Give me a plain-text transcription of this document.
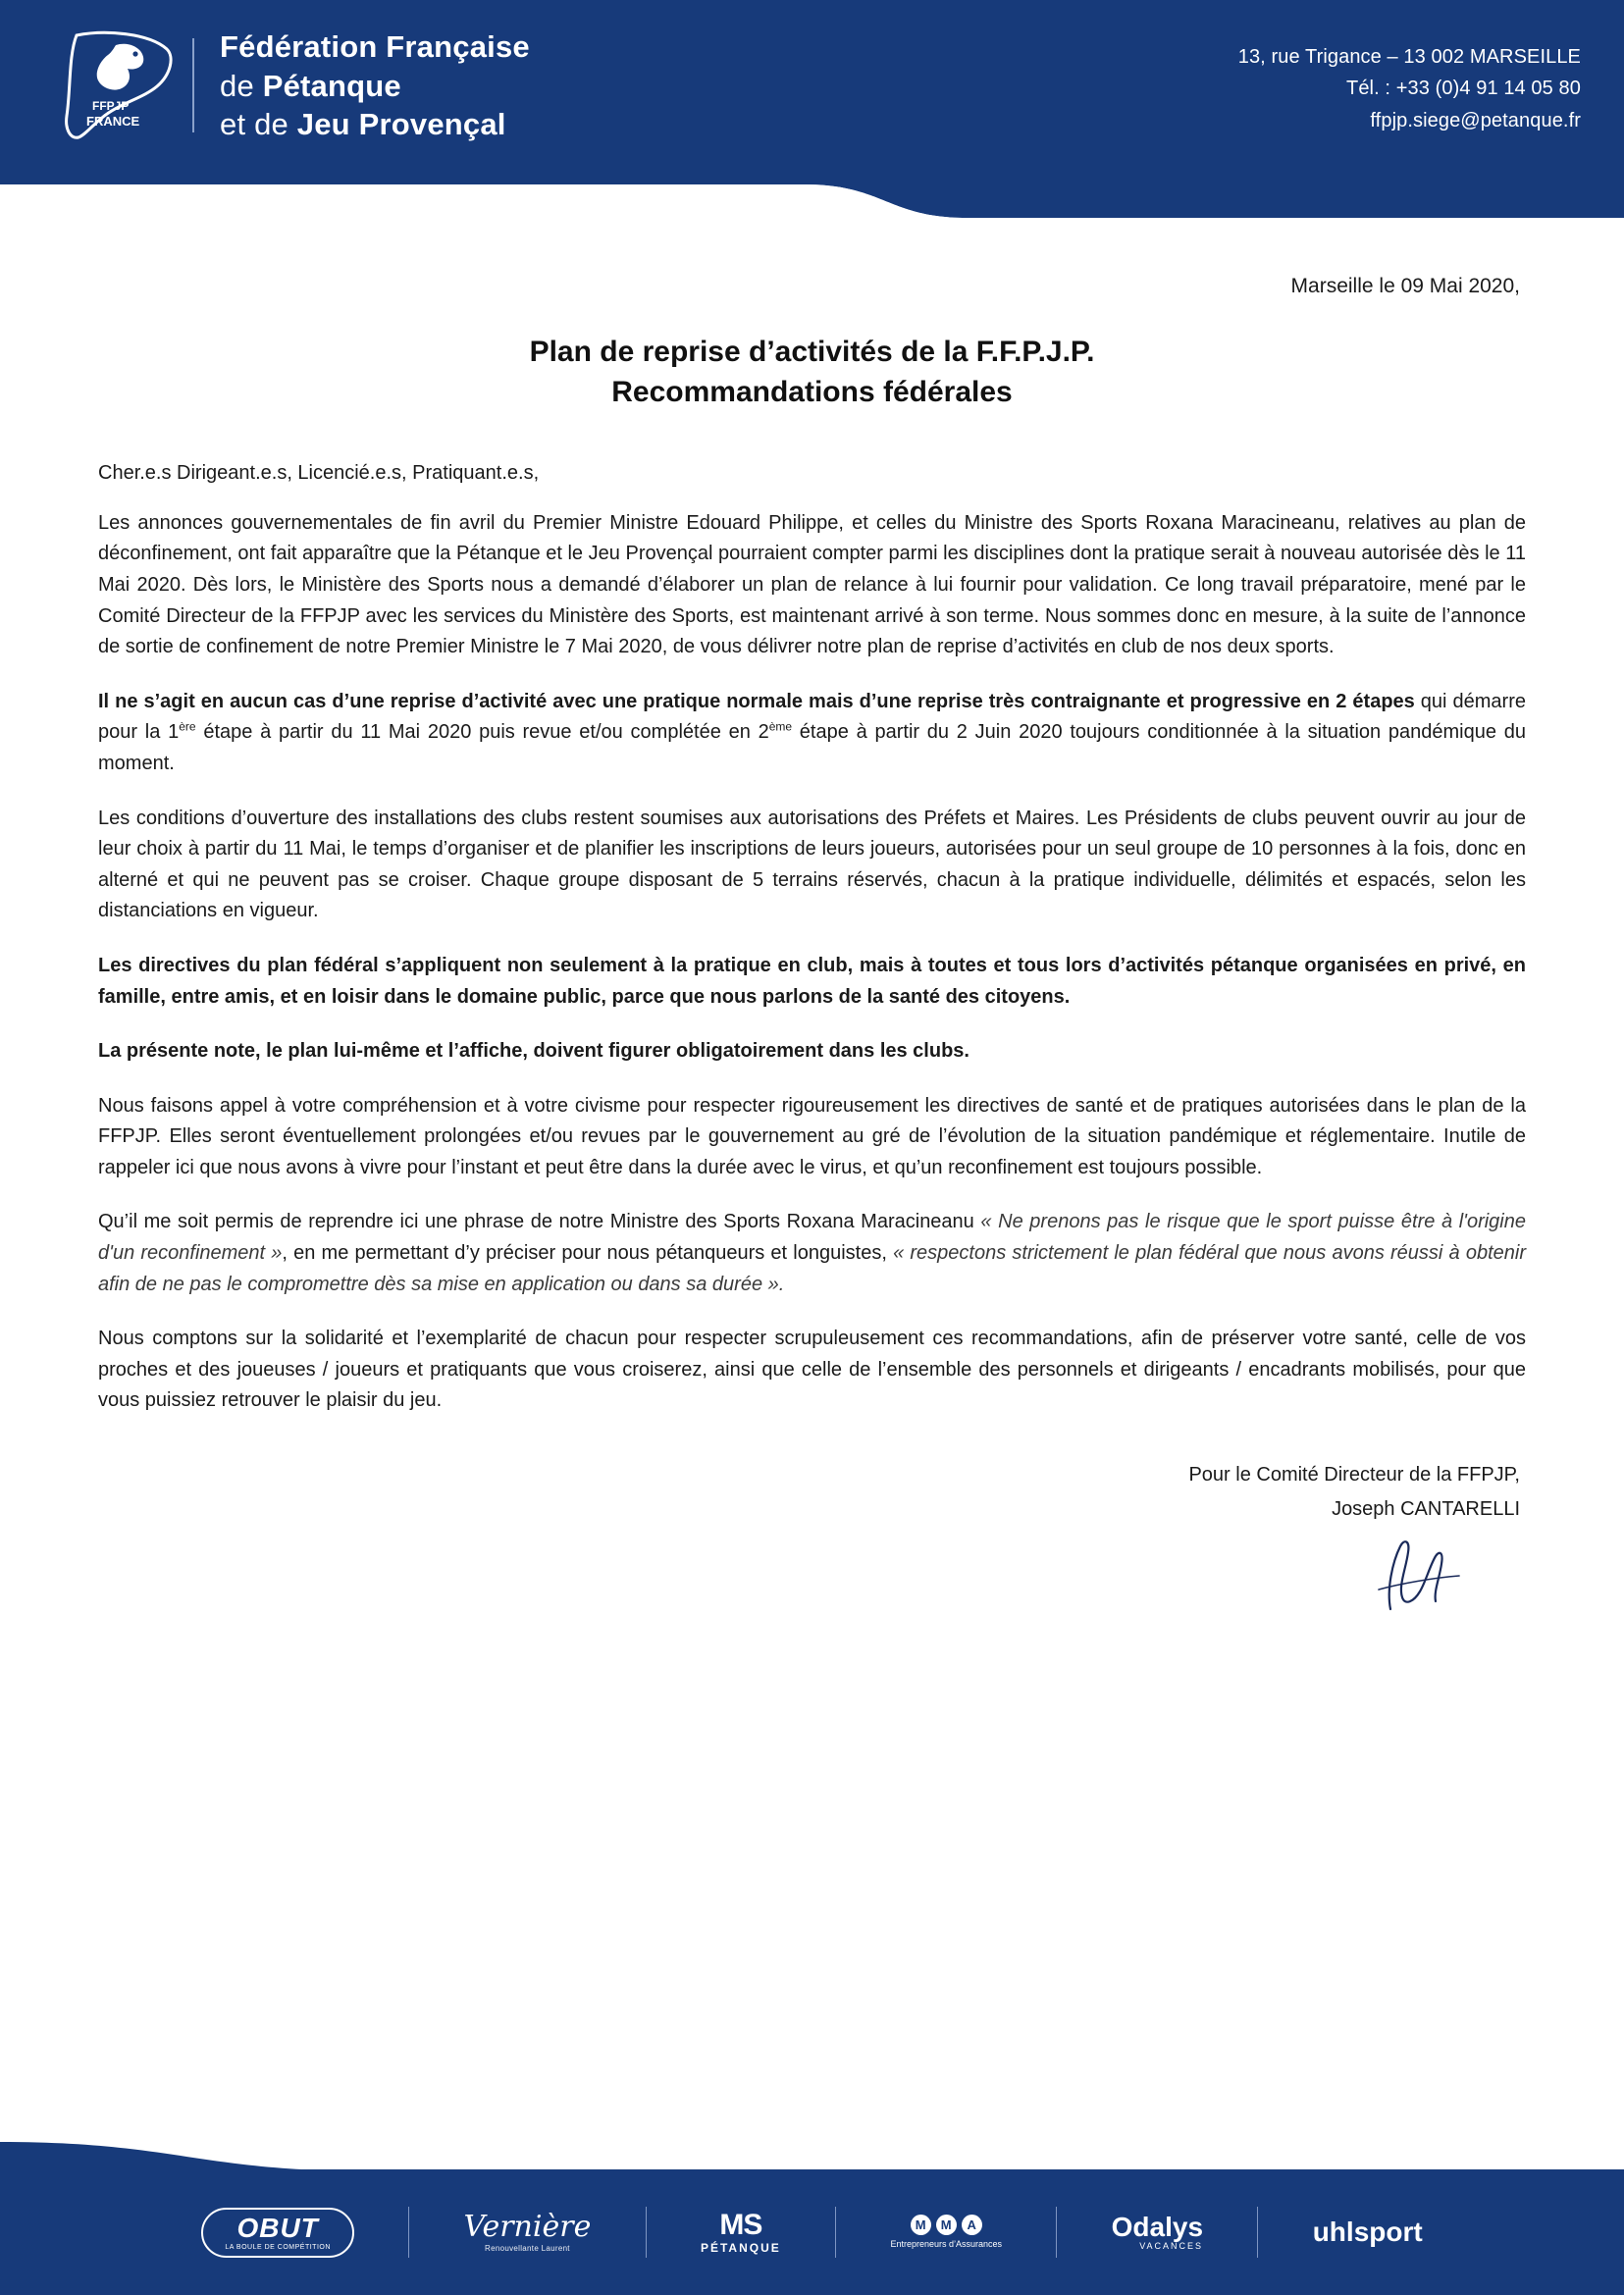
FFPJP
FRANCE
Fédération Française
de Pétanque
et de Jeu Provençal
13, rue Trigance – 13 002 MARSEILLE
Tél. : +33 (0)4 91 14 05 80
ffpjp.siege@petanque.fr
Marseille le 09 Mai 2020,
Plan de reprise d’activités de la F.F.P.J.P.
Recommandations fédérales
Cher.e.s Dirigeant.e.s, Licencié.e.s, Pratiquant.e.s,

Les annonces gouvernementales de fin avril du Premier Ministre Edouard Philippe, et celles du Ministre des Sports Roxana Maracineanu, relatives au plan de déconfinement, ont fait apparaître que la Pétanque et le Jeu Provençal pourraient compter parmi les disciplines dont la pratique serait à nouveau autorisée dès le 11 Mai 2020. Dès lors, le Ministère des Sports nous a demandé d’élaborer un plan de relance à lui fournir pour validation. Ce long travail préparatoire, mené par le Comité Directeur de la FFPJP avec les services du Ministère des Sports, est maintenant arrivé à son terme. Nous sommes donc en mesure, à la suite de l’annonce de sortie de confinement de notre Premier Ministre le 7 Mai 2020, de vous délivrer notre plan de reprise d’activités en club de nos deux sports.

Il ne s’agit en aucun cas d’une reprise d’activité avec une pratique normale mais d’une reprise très contraignante et progressive en 2 étapes qui démarre pour la 1ère étape à partir du 11 Mai 2020 puis revue et/ou complétée en 2ème étape à partir du 2 Juin 2020 toujours conditionnée à la situation pandémique du moment.

Les conditions d’ouverture des installations des clubs restent soumises aux autorisations des Préfets et Maires. Les Présidents de clubs peuvent ouvrir au jour de leur choix à partir du 11 Mai, le temps d’organiser et de planifier les inscriptions de leurs joueurs, autorisées pour un seul groupe de 10 personnes à la fois, donc en alterné et qui ne peuvent pas se croiser. Chaque groupe disposant de 5 terrains réservés, chacun à la pratique individuelle, délimités et espacés, selon les distanciations en vigueur.

Les directives du plan fédéral s’appliquent non seulement à la pratique en club, mais à toutes et tous lors d’activités pétanque organisées en privé, en famille, entre amis, et en loisir dans le domaine public, parce que nous parlons de la santé des citoyens.

La présente note, le plan lui-même et l’affiche, doivent figurer obligatoirement dans les clubs.

Nous faisons appel à votre compréhension et à votre civisme pour respecter rigoureusement les directives de santé et de pratiques autorisées dans le plan de la FFPJP. Elles seront éventuellement prolongées et/ou revues par le gouvernement au gré de l’évolution de la situation pandémique et réglementaire. Inutile de rappeler ici que nous avons à vivre pour l’instant et peut être dans la durée avec le virus, et qu’un reconfinement est toujours possible.

Qu’il me soit permis de reprendre ici une phrase de notre Ministre des Sports Roxana Maracineanu « Ne prenons pas le risque que le sport puisse être à l'origine d'un reconfinement », en me permettant d’y préciser pour nous pétanqueurs et longuistes, « respectons strictement le plan fédéral que nous avons réussi à obtenir afin de ne pas le compromettre dès sa mise en application ou dans sa durée ».

Nous comptons sur la solidarité et l’exemplarité de chacun pour respecter scrupuleusement ces recommandations, afin de préserver votre santé, celle de vos proches et des joueuses / joueurs et pratiquants que vous croiserez, ainsi que celle de l’ensemble des personnels et dirigeants / encadrants mobilisés, pour que vous puissiez retrouver le plaisir du jeu.

Pour le Comité Directeur de la FFPJP,
Joseph CANTARELLI
OBUT
LA BOULE DE COMPÉTITION
Vernière
Renouvellante Laurent
MS
PÉTANQUE
M	M	A
Entrepreneurs d’Assurances
Odalys
VACANCES	uhlsport
